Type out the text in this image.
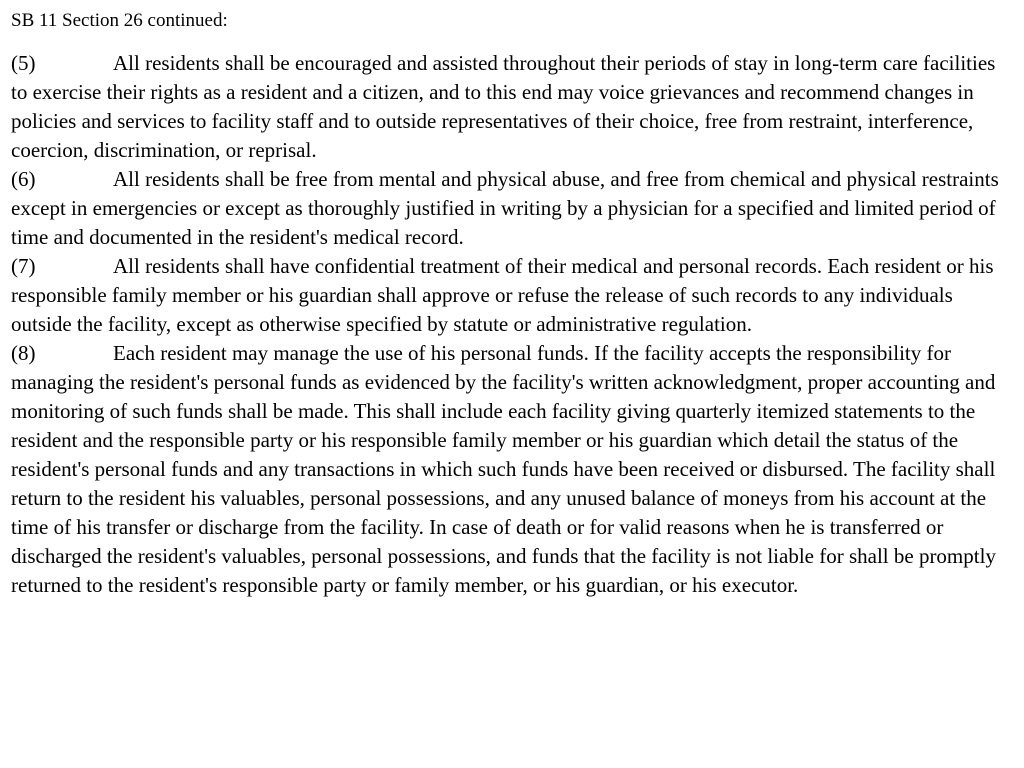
SB 11 Section 26 continued:

(5)	All residents shall be encouraged and assisted throughout their periods of stay in long-term care facilities to exercise their rights as a resident and a citizen, and to this end may voice grievances and recommend changes in policies and services to facility staff and to outside representatives of their choice, free from restraint, interference, coercion, discrimination, or reprisal.

(6)	All residents shall be free from mental and physical abuse, and free from chemical and physical restraints except in emergencies or except as thoroughly justified in writing by a physician for a specified and limited period of time and documented in the resident's medical record.

(7)	All residents shall have confidential treatment of their medical and personal records. Each resident or his responsible family member or his guardian shall approve or refuse the release of such records to any individuals outside the facility, except as otherwise specified by statute or administrative regulation.

(8)	Each resident may manage the use of his personal funds. If the facility accepts the responsibility for managing the resident's personal funds as evidenced by the facility's written acknowledgment, proper accounting and monitoring of such funds shall be made. This shall include each facility giving quarterly itemized statements to the resident and the responsible party or his responsible family member or his guardian which detail the status of the resident's personal funds and any transactions in which such funds have been received or disbursed. The facility shall return to the resident his valuables, personal possessions, and any unused balance of moneys from his account at the time of his transfer or discharge from the facility. In case of death or for valid reasons when he is transferred or discharged the resident's valuables, personal possessions, and funds that the facility is not liable for shall be promptly returned to the resident's responsible party or family member, or his guardian, or his executor.
